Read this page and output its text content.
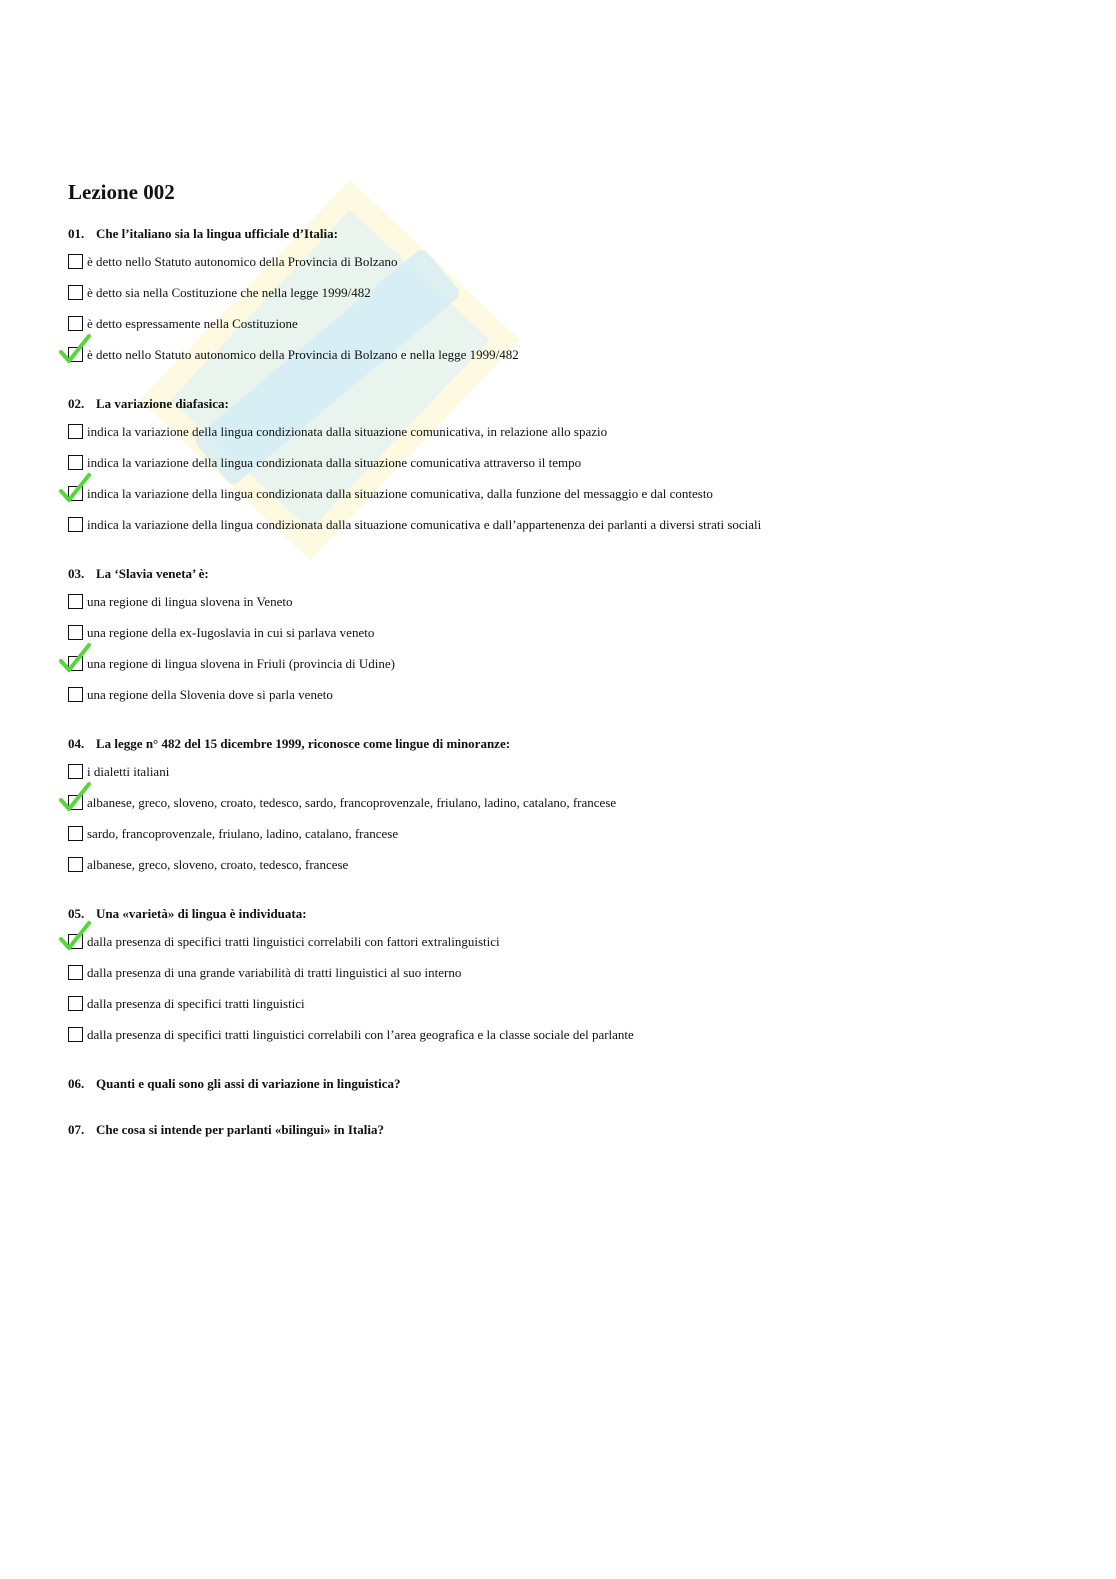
Lezione 002
01. Che l’italiano sia la lingua ufficiale d’Italia:
è detto nello Statuto autonomico della Provincia di Bolzano
è detto sia nella Costituzione che nella legge 1999/482
è detto espressamente nella Costituzione
è detto nello Statuto autonomico della Provincia di Bolzano e nella legge 1999/482
02. La variazione diafasica:
indica la variazione della lingua condizionata dalla situazione comunicativa, in relazione allo spazio
indica la variazione della lingua condizionata dalla situazione comunicativa attraverso il tempo
indica la variazione della lingua condizionata dalla situazione comunicativa, dalla funzione del messaggio e dal contesto
indica la variazione della lingua condizionata dalla situazione comunicativa e dall’appartenenza dei parlanti a diversi strati sociali
03. La ‘Slavia veneta’ è:
una regione di lingua slovena in Veneto
una regione della ex-Iugoslavia in cui si parlava veneto
una regione di lingua slovena in Friuli (provincia di Udine)
una regione della Slovenia dove si parla veneto
04. La legge n° 482 del 15 dicembre 1999, riconosce come lingue di minoranze:
i dialetti italiani
albanese, greco, sloveno, croato, tedesco, sardo, francoprovenzale, friulano, ladino, catalano, francese
sardo, francoprovenzale, friulano, ladino, catalano, francese
albanese, greco, sloveno, croato, tedesco, francese
05. Una «varietà» di lingua è individuata:
dalla presenza di specifici tratti linguistici correlabili con fattori extralinguistici
dalla presenza di una grande variabilità di tratti linguistici al suo interno
dalla presenza di specifici tratti linguistici
dalla presenza di specifici tratti linguistici correlabili con l’area geografica e la classe sociale del parlante
06. Quanti e quali sono gli assi di variazione in linguistica?
07. Che cosa si intende per parlanti «bilingui» in Italia?
